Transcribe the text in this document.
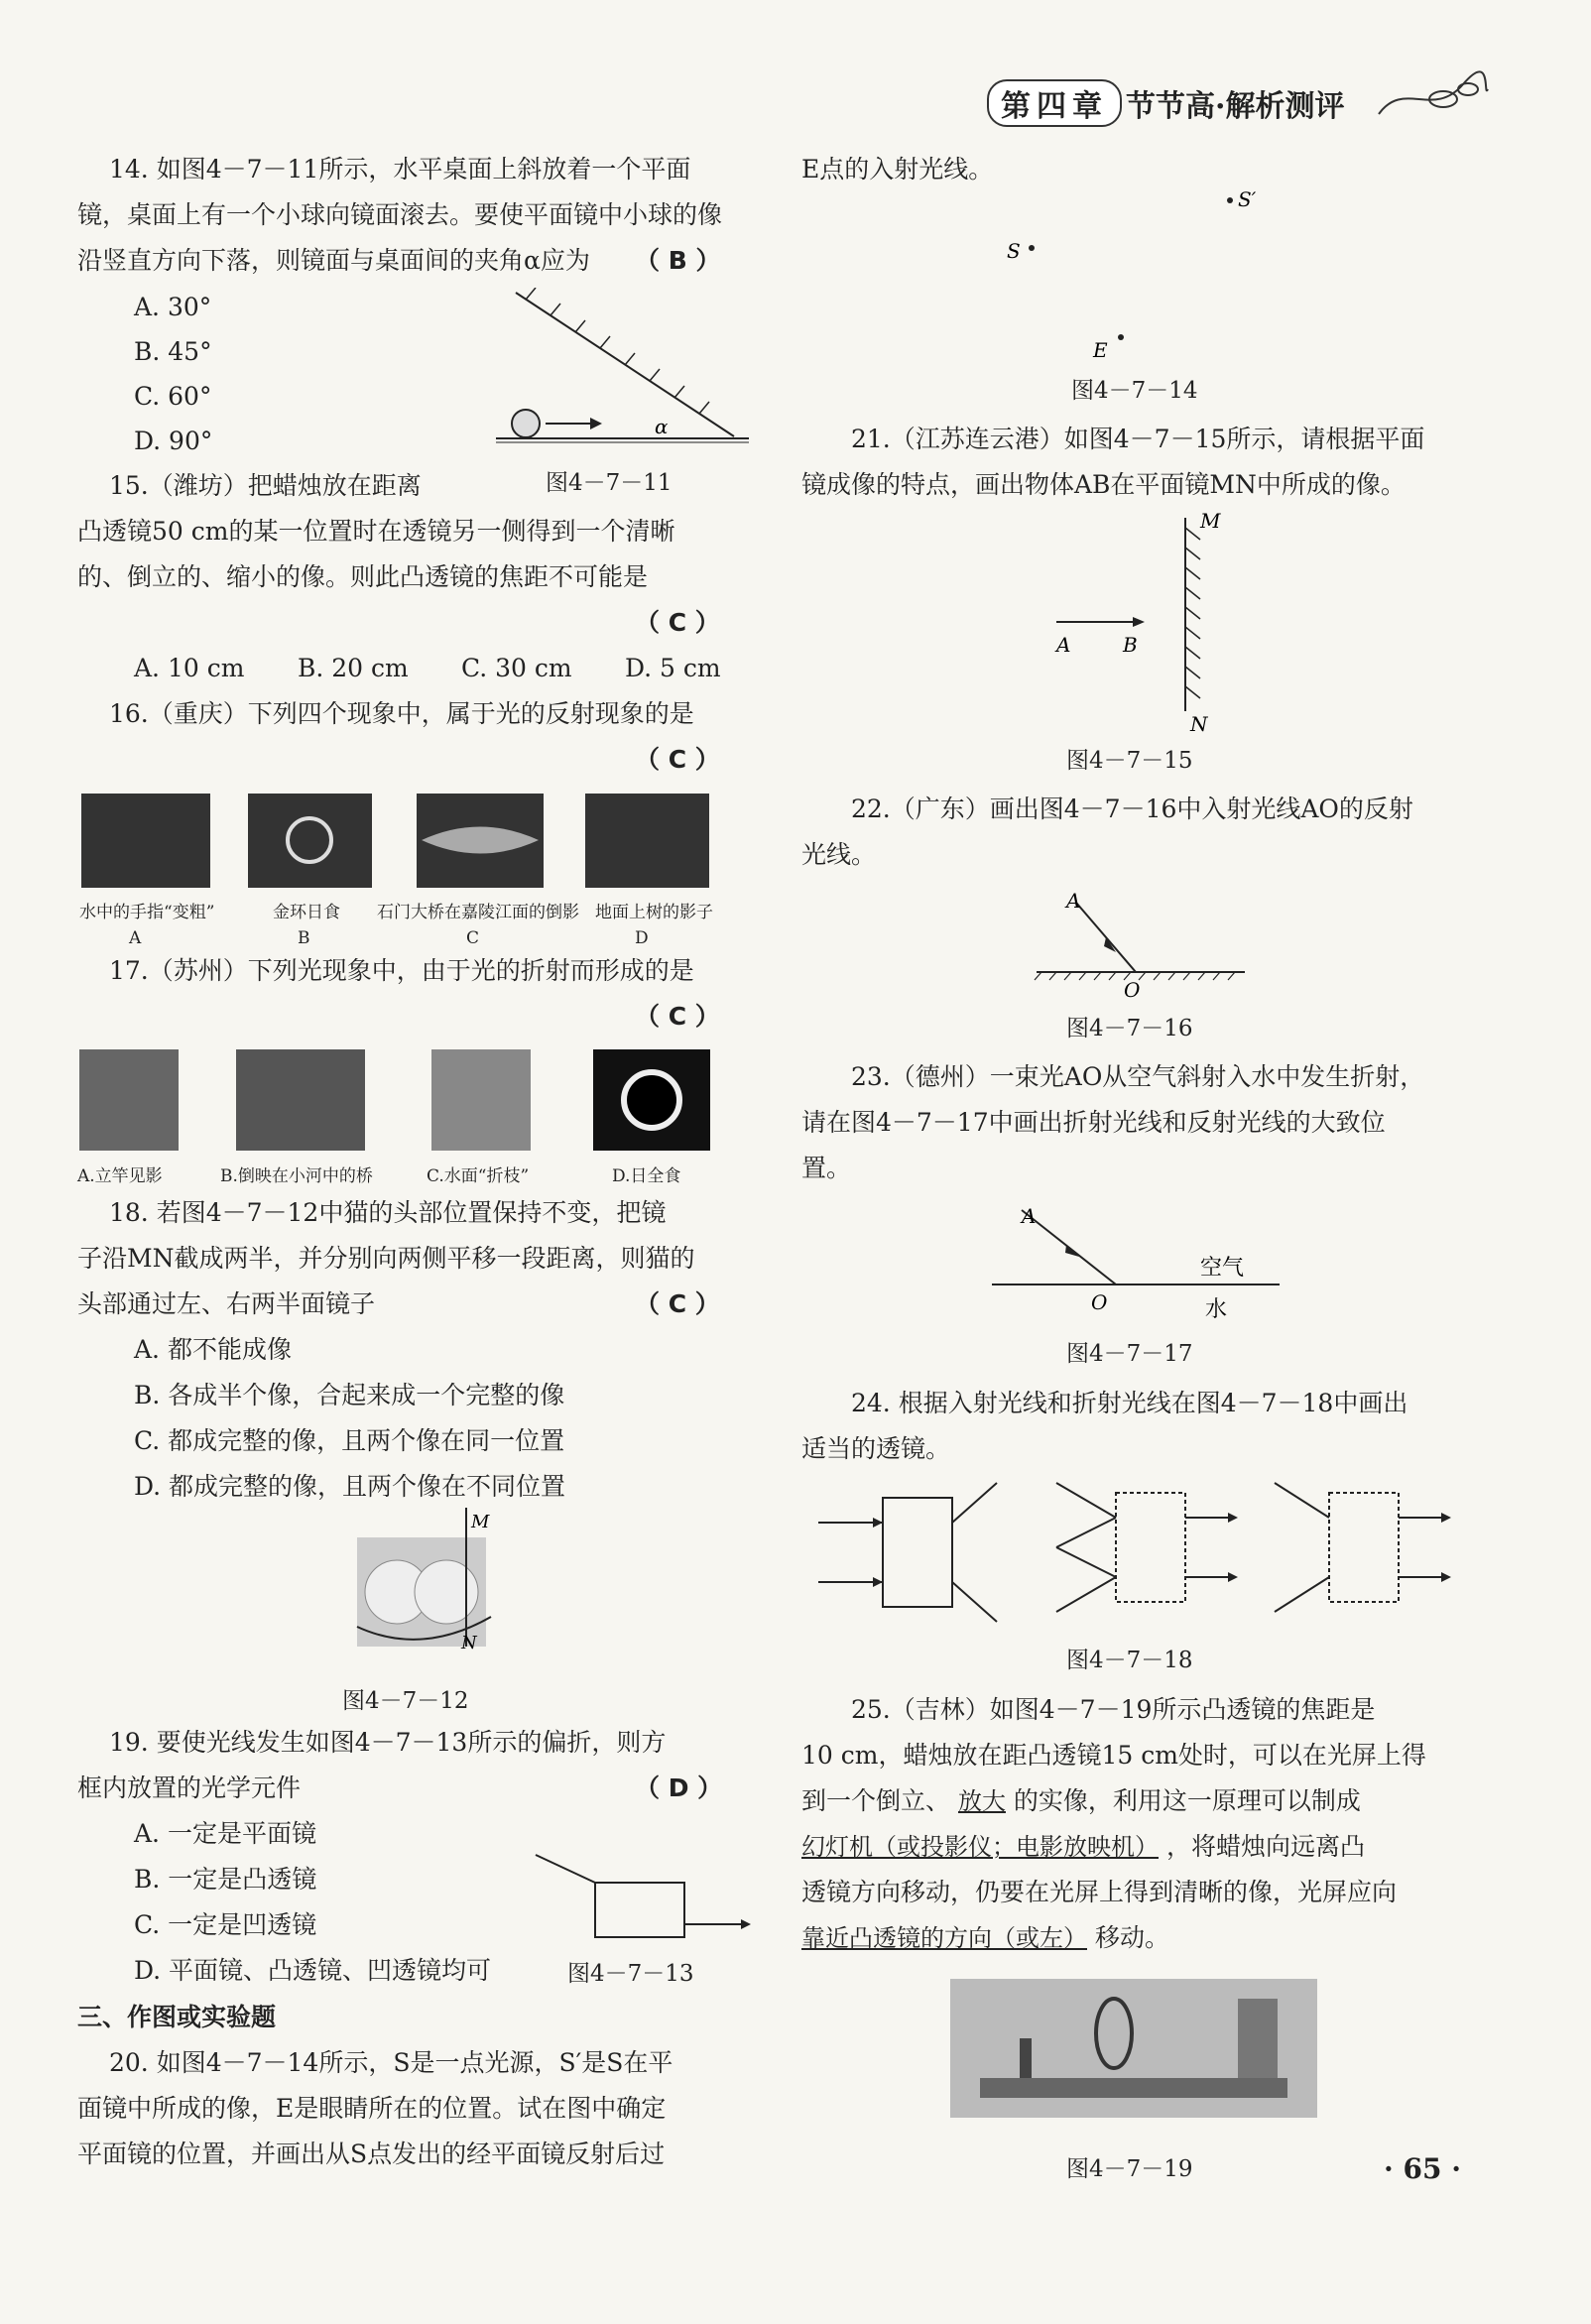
第四章 节节高·解析测评
14. 如图4－7－11所示，水平桌面上斜放着一个平面
镜，桌面上有一个小球向镜面滚去。要使平面镜中小球的像
沿竖直方向下落，则镜面与桌面间的夹角α应为 （ B ）
A. 30°
B. 45°
C. 60°
D. 90°	α
图4－7－11
15.（潍坊）把蜡烛放在距离
凸透镜50 cm的某一位置时在透镜另一侧得到一个清晰
的、倒立的、缩小的像。则此凸透镜的焦距不可能是
（ C ）
A. 10 cm B. 20 cm C. 30 cm D. 5 cm
16.（重庆）下列四个现象中，属于光的反射现象的是
（ C ）
水中的手指“变粗”	金环日食 石门大桥在嘉陵江面的倒影 地面上树的影子
A	B	C	D
17.（苏州）下列光现象中，由于光的折射而形成的是
（ C ）
A.立竿见影	B.倒映在小河中的桥	C.水面“折枝”	D.日全食
18. 若图4－7－12中猫的头部位置保持不变，把镜
子沿MN截成两半，并分别向两侧平移一段距离，则猫的
头部通过左、右两半面镜子	（ C ）
A. 都不能成像
B. 各成半个像，合起来成一个完整的像
C. 都成完整的像，且两个像在同一位置
D. 都成完整的像，且两个像在不同位置
M
N
图4－7－12
19. 要使光线发生如图4－7－13所示的偏折，则方
框内放置的光学元件	（ D ）
A. 一定是平面镜
B. 一定是凸透镜
C. 一定是凹透镜
D. 平面镜、凸透镜、凹透镜均可	图4－7－13
三、作图或实验题
20. 如图4－7－14所示，S是一点光源，S′是S在平
面镜中所成的像，E是眼睛所在的位置。试在图中确定
平面镜的位置，并画出从S点发出的经平面镜反射后过
E点的入射光线。
S′
S
E
图4－7－14
21.（江苏连云港）如图4－7－15所示，请根据平面
镜成像的特点，画出物体AB在平面镜MN中所成的像。
M
N
A	B
图4－7－15
22.（广东）画出图4－7－16中入射光线AO的反射
光线。
A
O
图4－7－16
23.（德州）一束光AO从空气斜射入水中发生折射，
请在图4－7－17中画出折射光线和反射光线的大致位
置。
A
O
空气
水
图4－7－17
24. 根据入射光线和折射光线在图4－7－18中画出
适当的透镜。
图4－7－18
25.（吉林）如图4－7－19所示凸透镜的焦距是
10 cm，蜡烛放在距凸透镜15 cm处时，可以在光屏上得
到一个倒立、 放大 的实像，利用这一原理可以制成
幻灯机（或投影仪；电影放映机） ，将蜡烛向远离凸
透镜方向移动，仍要在光屏上得到清晰的像，光屏应向
靠近凸透镜的方向（或左） 移动。
图4－7－19	· 65 ·
